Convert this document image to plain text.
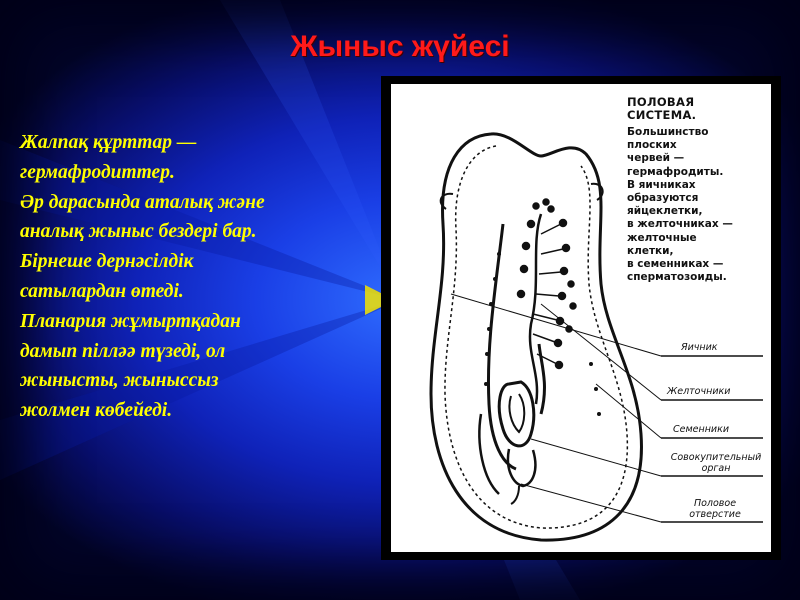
Жыныс жүйесі
Жалпақ құрттар —
гермафродиттер.
Әр дарасында аталық және
аналық жыныс бездері бар.
Бірнеше дернәсілдік
сатылардан өтеді.
Планария жұмыртқадан
дамып пілләә түзеді, ол
жынысты, жыныссыз
жолмен көбейеді.
ПОЛОВАЯ
СИСТЕМА.
Большинство
плоских
червей —
гермафродиты.
В яичниках
образуются
яйцеклетки,
в желточниках —
желточные
клетки,
в семенниках —
сперматозоиды.
Яичник
Желточники
Семенники
Совокупительный орган
Половое отверстие
